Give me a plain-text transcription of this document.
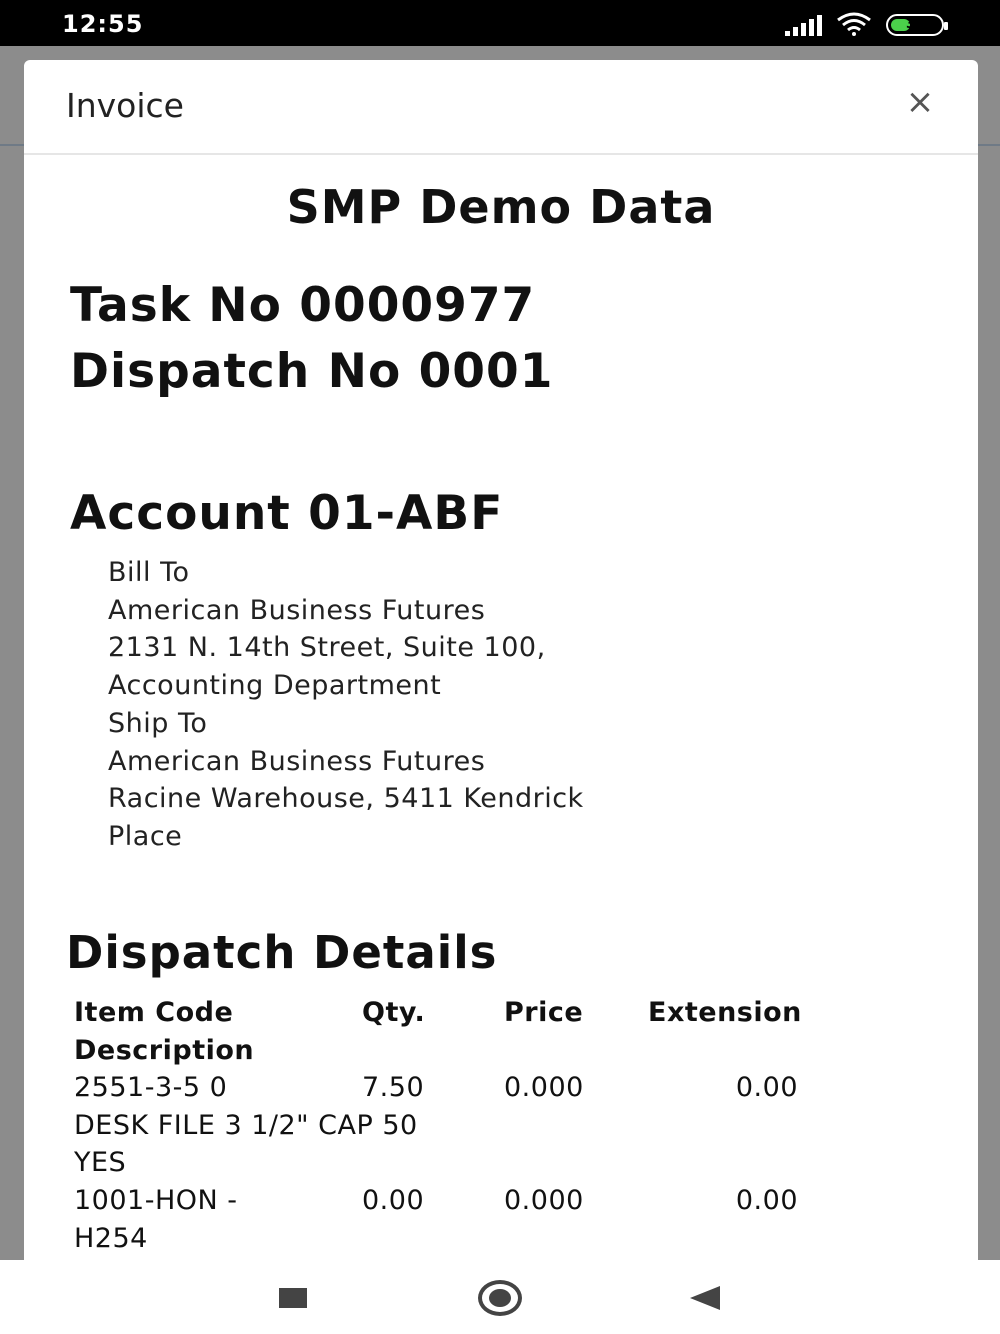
12:55	37
Invoice	×
SMP Demo Data
Task No 0000977
Dispatch No 0001
Account 01-ABF
Bill To
American Business Futures
2131 N. 14th Street, Suite 100,
Accounting Department
Ship To
American Business Futures
Racine Warehouse, 5411 Kendrick
Place
Dispatch Details
Item Code	Qty.	Price Extension
Description
2551-3-5 0	7.50	0.000	0.00
DESK FILE 3 1/2" CAP 50
YES
1001-HON -	0.00	0.000	0.00
H254
